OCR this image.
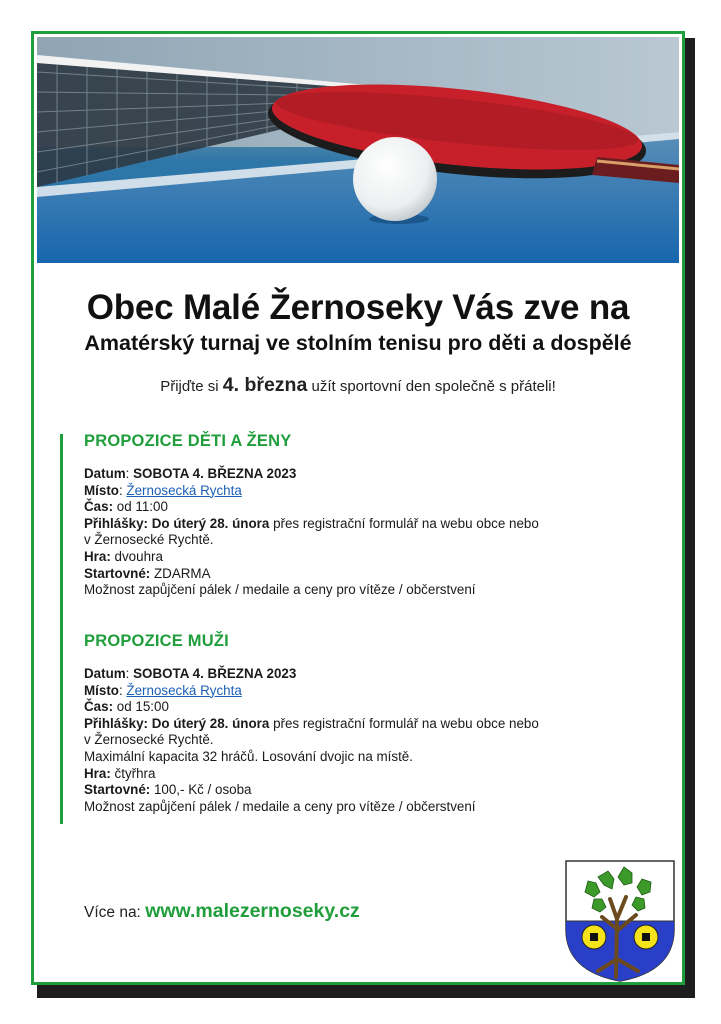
Obec Malé Žernoseky Vás zve na
Amatérský turnaj ve stolním tenisu pro děti a dospělé
Přijďte si 4. března užít sportovní den společně s přáteli!
PROPOZICE DĚTI A ŽENY
Datum: SOBOTA 4. BŘEZNA 2023
Místo: Žernosecká Rychta
Čas: od 11:00
Přihlášky: Do úterý 28. února přes registrační formulář na webu obce nebo
v Žernosecké Rychtě.
Hra: dvouhra
Startovné: ZDARMA
Možnost zapůjčení pálek / medaile a ceny pro vítěze / občerstvení
PROPOZICE MUŽI
Datum: SOBOTA 4. BŘEZNA 2023
Místo: Žernosecká Rychta
Čas: od 15:00
Přihlášky: Do úterý 28. února přes registrační formulář na webu obce nebo
v Žernosecké Rychtě.
Maximální kapacita 32 hráčů. Losování dvojic na místě.
Hra: čtyřhra
Startovné: 100,- Kč / osoba
Možnost zapůjčení pálek / medaile a ceny pro vítěze / občerstvení
Více na: www.malezernoseky.cz
